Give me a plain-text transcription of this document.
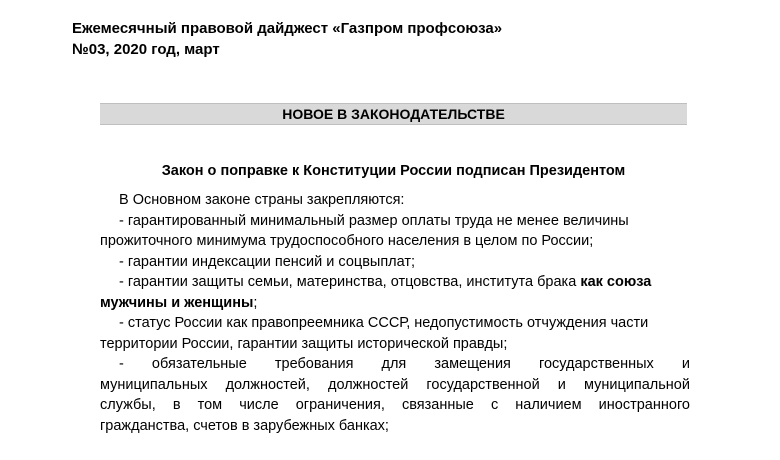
Ежемесячный правовой дайджест «Газпром профсоюза»
№03, 2020 год, март
НОВОЕ В ЗАКОНОДАТЕЛЬСТВЕ
Закон о поправке к Конституции России подписан Президентом
В Основном законе страны закрепляются:
- гарантированный минимальный размер оплаты труда не менее величины
прожиточного минимума трудоспособного населения в целом по России;
- гарантии индексации пенсий и соцвыплат;
- гарантии защиты семьи, материнства, отцовства, института брака как союза
мужчины и женщины;
- статус России как правопреемника СССР, недопустимость отчуждения части
территории России, гарантии защиты исторической правды;
- обязательные требования для замещения государственных и
муниципальных должностей, должностей государственной и муниципальной
службы, в том числе ограничения, связанные с наличием иностранного
гражданства, счетов в зарубежных банках;
